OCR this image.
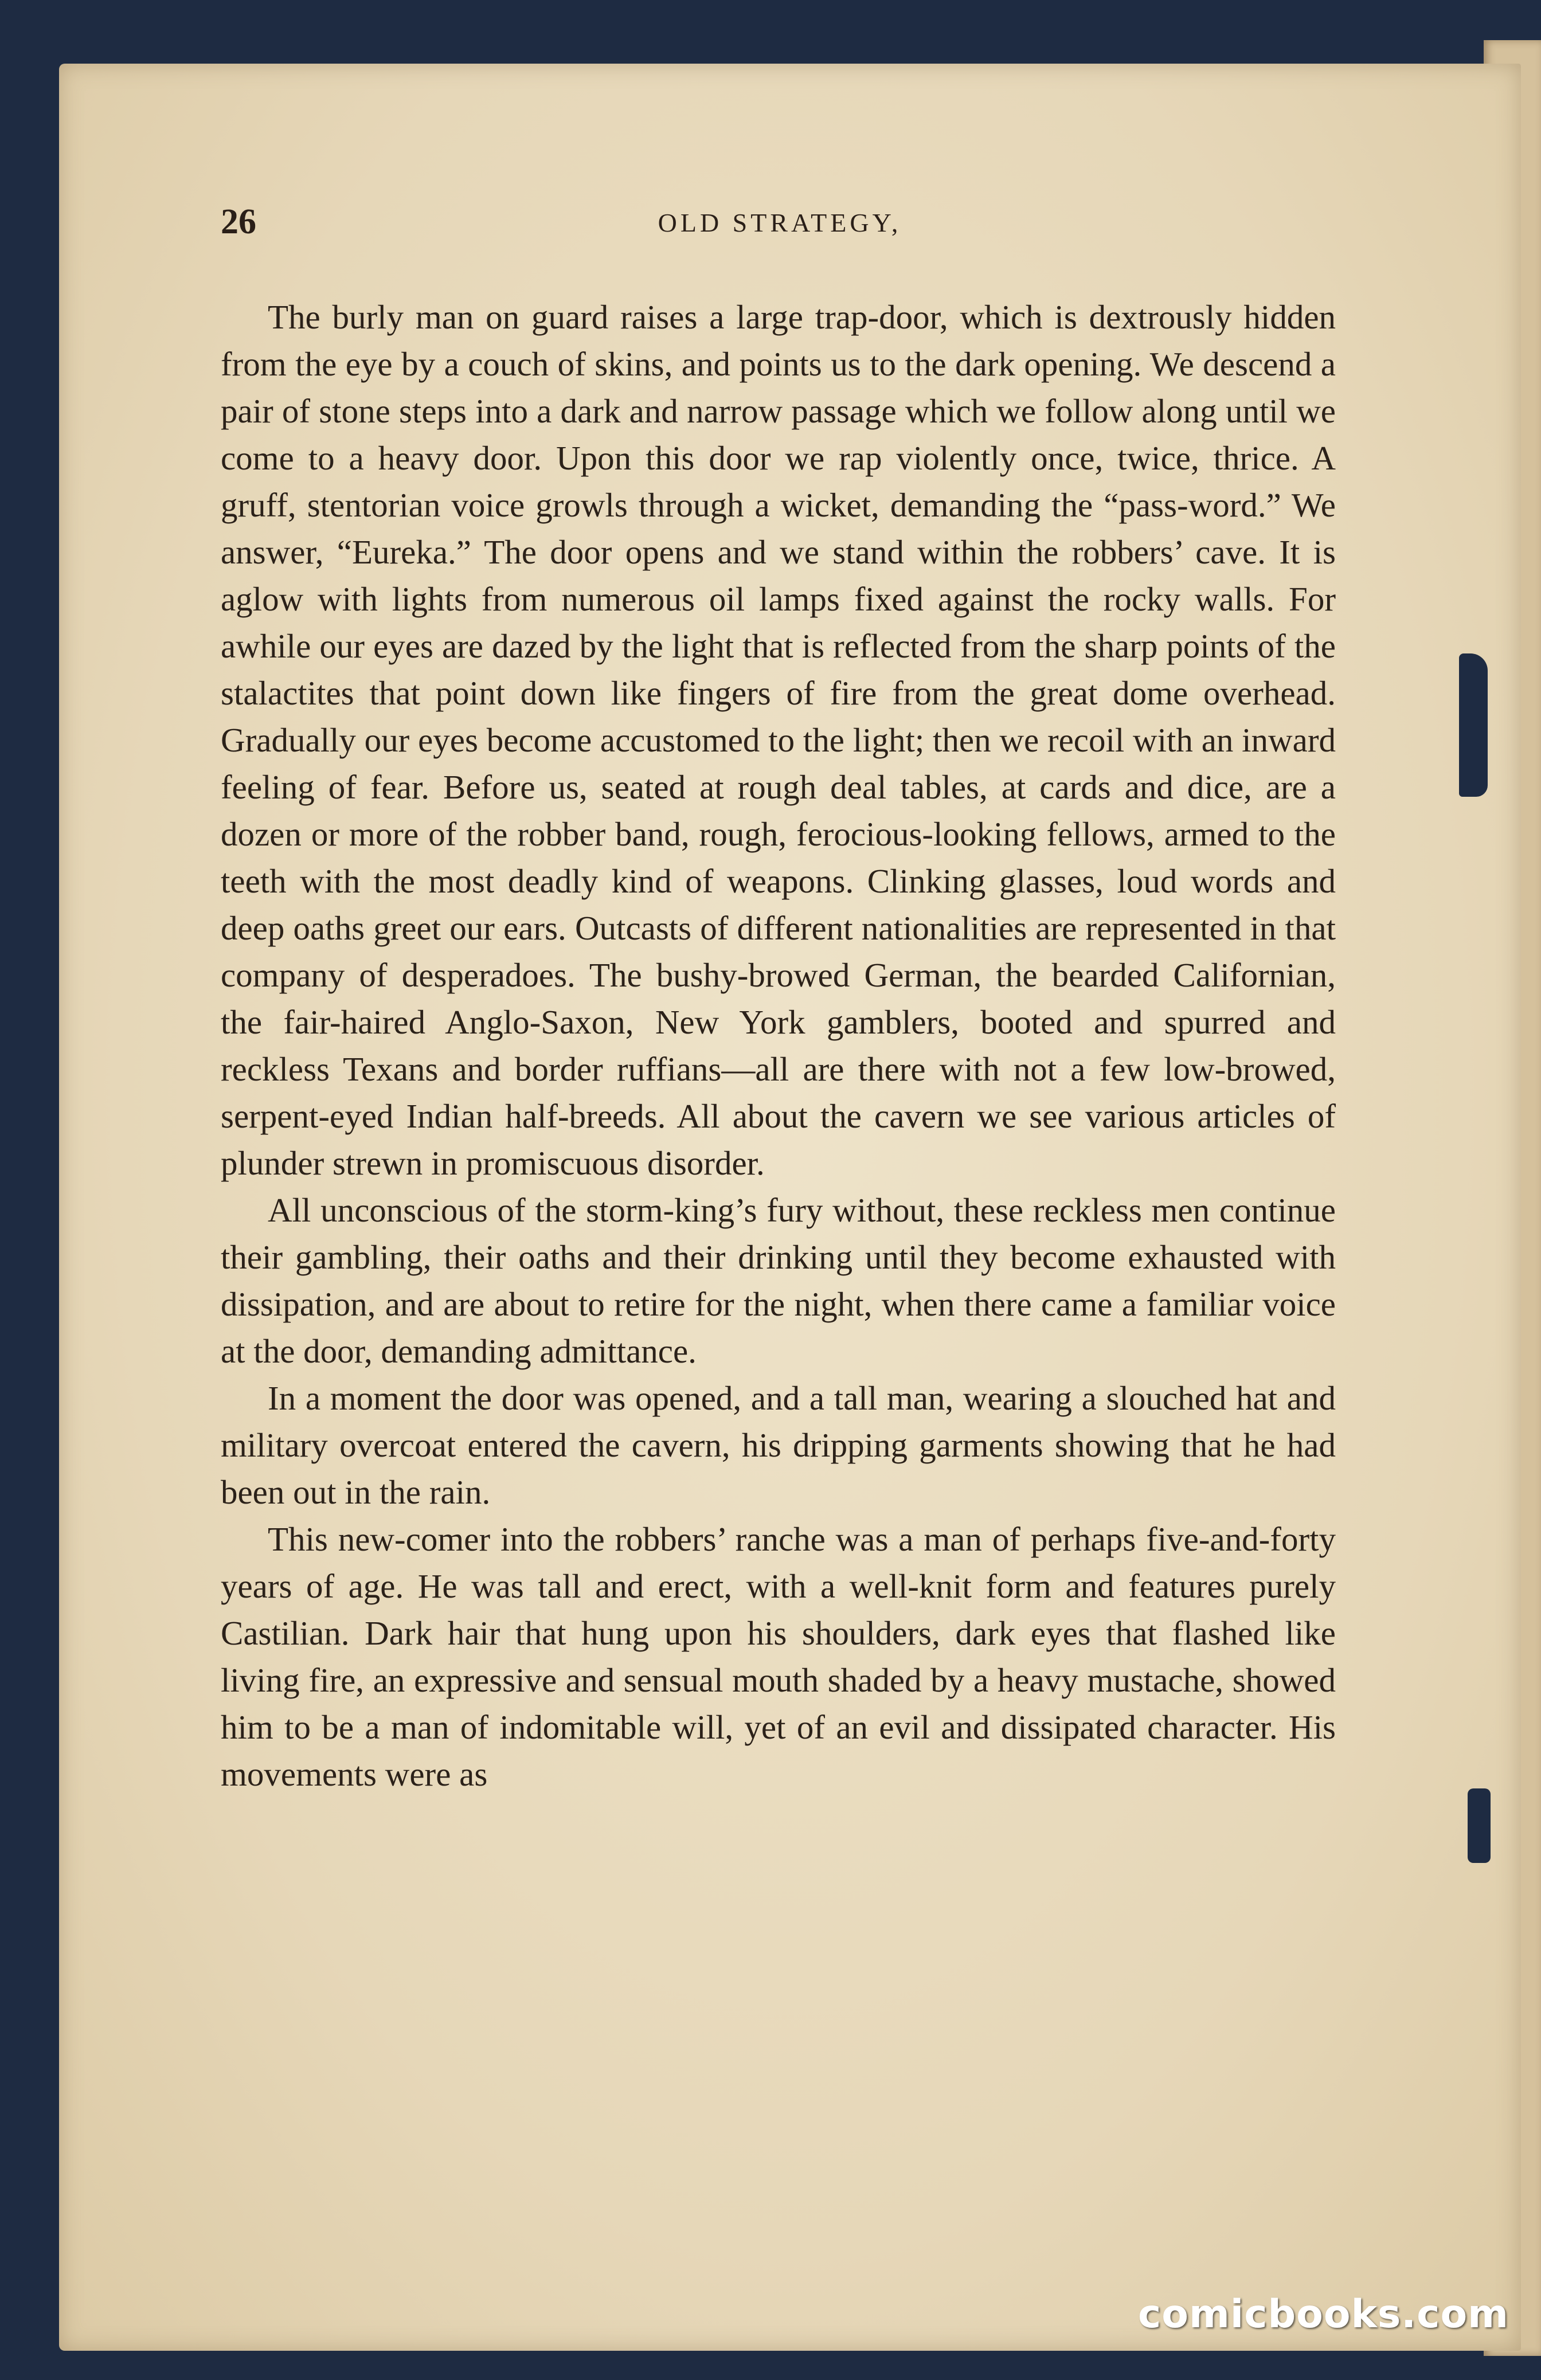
26	OLD STRATEGY,

The burly man on guard raises a large trap-door, which is dextrously hidden from the eye by a couch of skins, and points us to the dark opening. We descend a pair of stone steps into a dark and narrow passage which we follow along until we come to a heavy door. Upon this door we rap violently once, twice, thrice. A gruff, stentorian voice growls through a wicket, demanding the “pass-word.” We answer, “Eureka.” The door opens and we stand within the robbers’ cave. It is aglow with lights from numerous oil lamps fixed against the rocky walls. For awhile our eyes are dazed by the light that is reflected from the sharp points of the stalactites that point down like fingers of fire from the great dome overhead. Gradually our eyes become accustomed to the light; then we recoil with an inward feeling of fear. Before us, seated at rough deal tables, at cards and dice, are a dozen or more of the robber band, rough, ferocious-looking fellows, armed to the teeth with the most deadly kind of weapons. Clinking glasses, loud words and deep oaths greet our ears. Outcasts of different nationalities are represented in that company of desperadoes. The bushy-browed German, the bearded Californian, the fair-haired Anglo-Saxon, New York gamblers, booted and spurred and reckless Texans and border ruffians—all are there with not a few low-browed, serpent-eyed Indian half-breeds. All about the cavern we see various articles of plunder strewn in promiscuous disorder.

All unconscious of the storm-king’s fury without, these reckless men continue their gambling, their oaths and their drinking until they become exhausted with dissipation, and are about to retire for the night, when there came a familiar voice at the door, demanding admittance.

In a moment the door was opened, and a tall man, wearing a slouched hat and military overcoat entered the cavern, his dripping garments showing that he had been out in the rain.

This new-comer into the robbers’ ranche was a man of perhaps five-and-forty years of age. He was tall and erect, with a well-knit form and features purely Castilian. Dark hair that hung upon his shoulders, dark eyes that flashed like living fire, an expressive and sensual mouth shaded by a heavy mustache, showed him to be a man of indomitable will, yet of an evil and dissipated character. His movements were as

comicbooks.com
